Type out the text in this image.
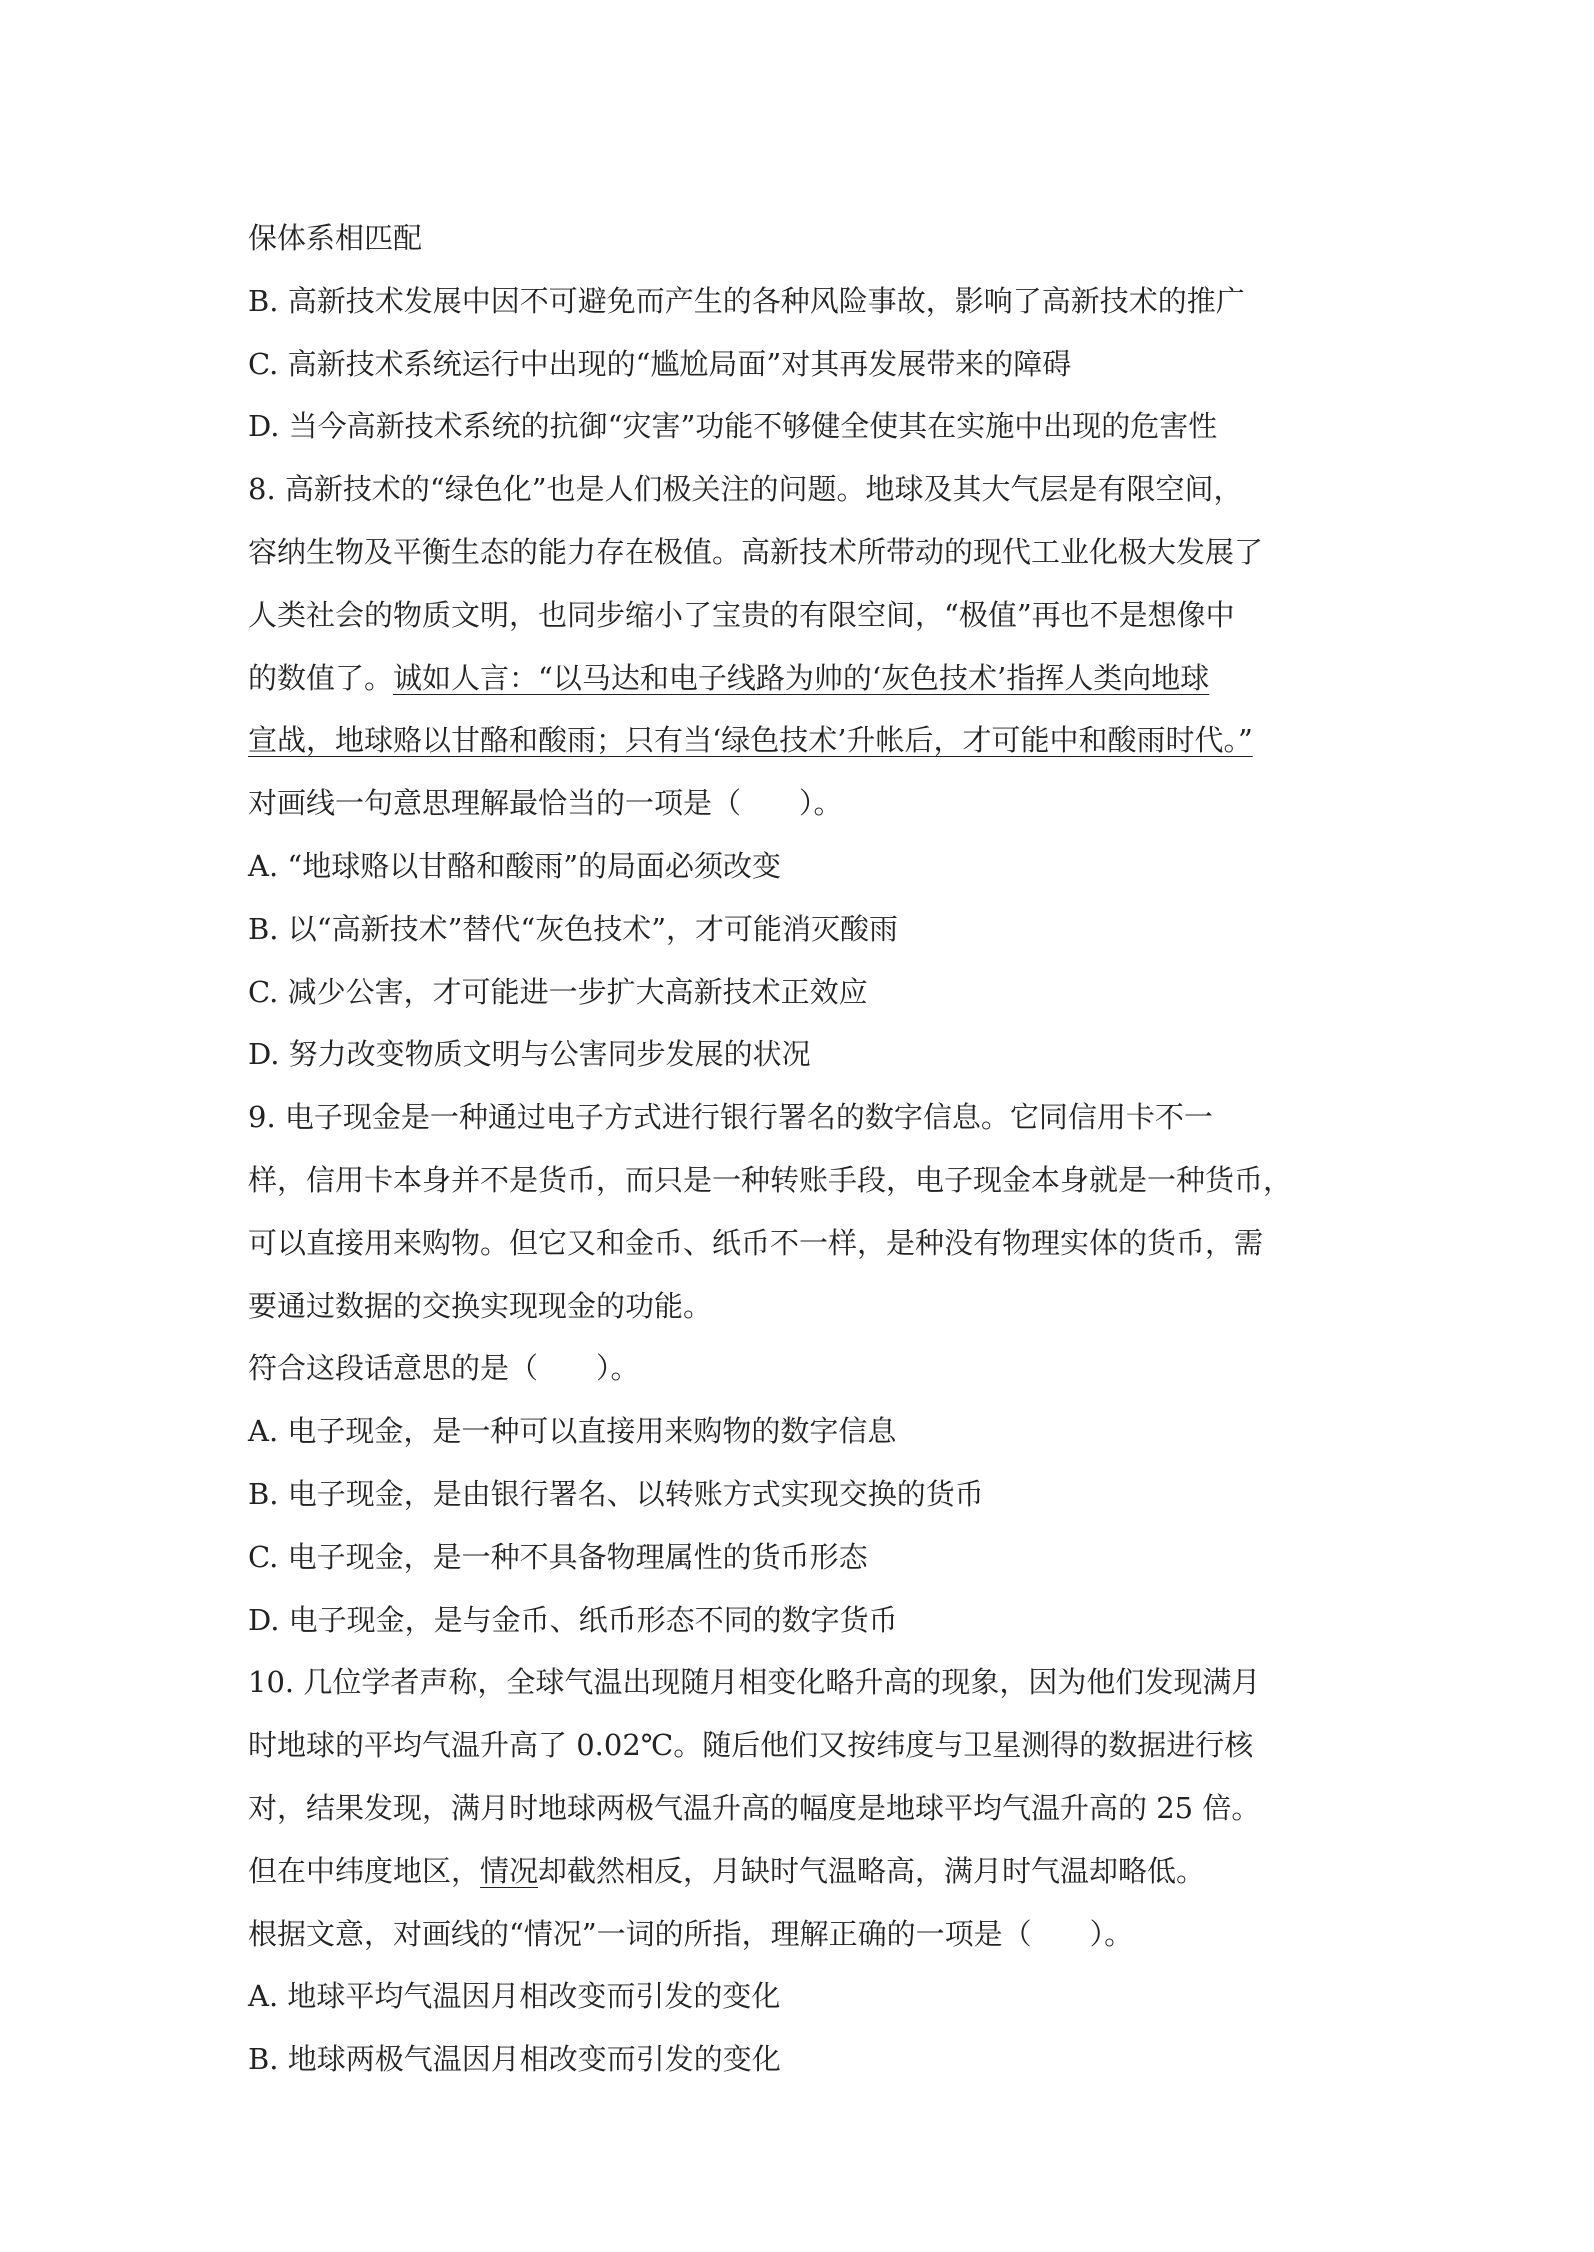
保体系相匹配
B. 高新技术发展中因不可避免而产生的各种风险事故，影响了高新技术的推广
C. 高新技术系统运行中出现的“尴尬局面”对其再发展带来的障碍
D. 当今高新技术系统的抗御“灾害”功能不够健全使其在实施中出现的危害性
8. 高新技术的“绿色化”也是人们极关注的问题。地球及其大气层是有限空间，
容纳生物及平衡生态的能力存在极值。高新技术所带动的现代工业化极大发展了
人类社会的物质文明，也同步缩小了宝贵的有限空间，“极值”再也不是想像中
的数值了。诚如人言：“以马达和电子线路为帅的‘灰色技术’指挥人类向地球
宣战，地球赂以甘酪和酸雨；只有当‘绿色技术’升帐后，才可能中和酸雨时代。”
对画线一句意思理解最恰当的一项是（　　）。
A. “地球赂以甘酪和酸雨”的局面必须改变
B. 以“高新技术”替代“灰色技术”，才可能消灭酸雨
C. 减少公害，才可能进一步扩大高新技术正效应
D. 努力改变物质文明与公害同步发展的状况
9. 电子现金是一种通过电子方式进行银行署名的数字信息。它同信用卡不一
样，信用卡本身并不是货币，而只是一种转账手段，电子现金本身就是一种货币，
可以直接用来购物。但它又和金币、纸币不一样，是种没有物理实体的货币，需
要通过数据的交换实现现金的功能。
符合这段话意思的是（　　）。
A. 电子现金，是一种可以直接用来购物的数字信息
B. 电子现金，是由银行署名、以转账方式实现交换的货币
C. 电子现金，是一种不具备物理属性的货币形态
D. 电子现金，是与金币、纸币形态不同的数字货币
10. 几位学者声称，全球气温出现随月相变化略升高的现象，因为他们发现满月
时地球的平均气温升高了 0.02℃。随后他们又按纬度与卫星测得的数据进行核
对，结果发现，满月时地球两极气温升高的幅度是地球平均气温升高的 25 倍。
但在中纬度地区，情况却截然相反，月缺时气温略高，满月时气温却略低。
根据文意，对画线的“情况”一词的所指，理解正确的一项是（　　）。
A. 地球平均气温因月相改变而引发的变化
B. 地球两极气温因月相改变而引发的变化
